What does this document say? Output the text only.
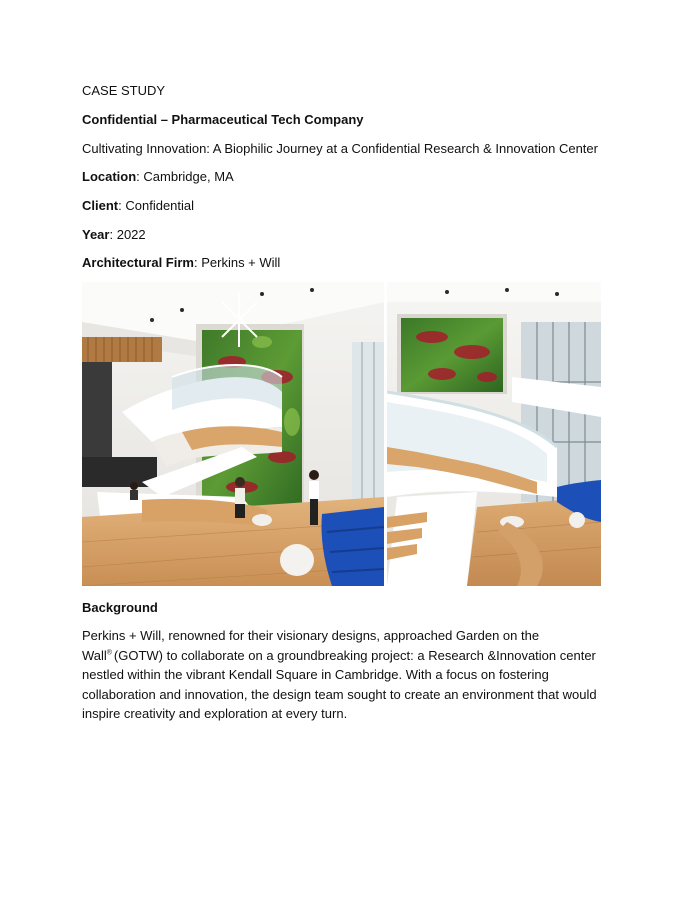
CASE STUDY
Confidential – Pharmaceutical Tech Company
Cultivating Innovation: A Biophilic Journey at a Confidential Research & Innovation Center
Location: Cambridge, MA
Client: Confidential
Year: 2022
Architectural Firm: Perkins + Will
Background
Perkins + Will, renowned for their visionary designs, approached Garden on the
Wall® (GOTW) to collaborate on a groundbreaking project: a Research &Innovation center
nestled within the vibrant Kendall Square in Cambridge. With a focus on fostering
collaboration and innovation, the design team sought to create an environment that would
inspire creativity and exploration at every turn.
